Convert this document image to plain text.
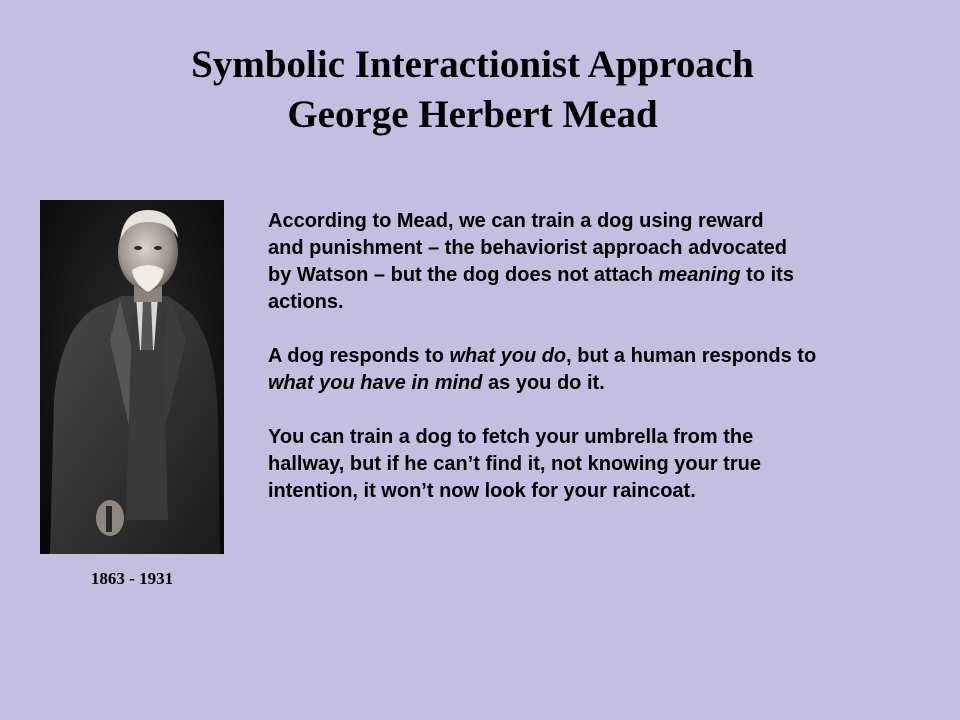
Symbolic Interactionist Approach
George Herbert Mead
1863 - 1931

According to Mead, we can train a dog using reward
and punishment – the behaviorist approach advocated
by Watson – but the dog does not attach meaning to its
actions.

A dog responds to what you do, but a human responds to
what you have in mind as you do it.

You can train a dog to fetch your umbrella from the
hallway, but if he can’t find it, not knowing your true
intention, it won’t now look for your raincoat.
